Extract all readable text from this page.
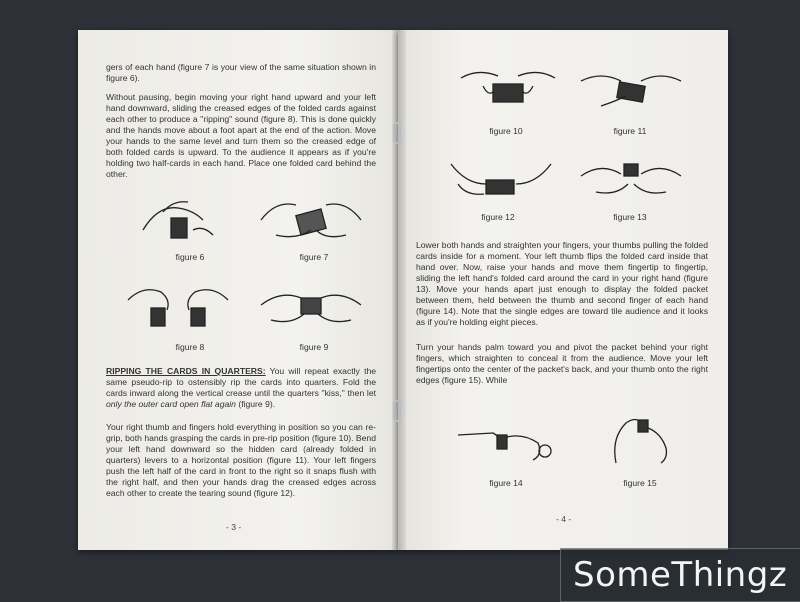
gers of each hand (figure 7 is your view of the same situation shown in figure 6).

Without pausing, begin moving your right hand upward and your left hand downward, sliding the creased edges of the folded cards against each other to produce a "ripping" sound (figure 8). This is done quickly and the hands move about a foot apart at the end of the action. Move your hands to the same level and turn them so the creased edge of both folded cards is upward. To the audience it appears as if you're holding two half-cards in each hand. Place one folded card behind the other.

figure 6	figure 7
figure 8	figure 9

RIPPING THE CARDS IN QUARTERS: You will repeat exactly the same pseudo-rip to ostensibly rip the cards into quarters. Fold the cards inward along the vertical crease until the quarters "kiss," then let only the outer card open flat again (figure 9).

Your right thumb and fingers hold everything in position so you can re-grip, both hands grasping the cards in pre-rip position (figure 10). Bend your left hand downward so the hidden card (already folded in quarters) levers to a horizontal position (figure 11). Your left fingers push the left half of the card in front to the right so it snaps flush with the right half, and then your hands drag the creased edges across each other to create the tearing sound (figure 12).

- 3 -
figure 10	figure 11
figure 12	figure 13

Lower both hands and straighten your fingers, your thumbs pulling the folded cards inside for a moment. Your left thumb flips the folded card inside that hand over. Now, raise your hands and move them fingertip to fingertip, sliding the left hand's folded card around the card in your right hand (figure 13). Move your hands apart just enough to display the folded packet between them, held between the thumb and second finger of each hand (figure 14). Note that the single edges are toward tile audience and it looks as if you're holding eight pieces.

Turn your hands palm toward you and pivot the packet behind your right fingers, which straighten to conceal it from the audience. Move your left fingertips onto the center of the packet's back, and your thumb onto the right edges (figure 15). While

figure 14	figure 15
- 4 -
SomeThingz
